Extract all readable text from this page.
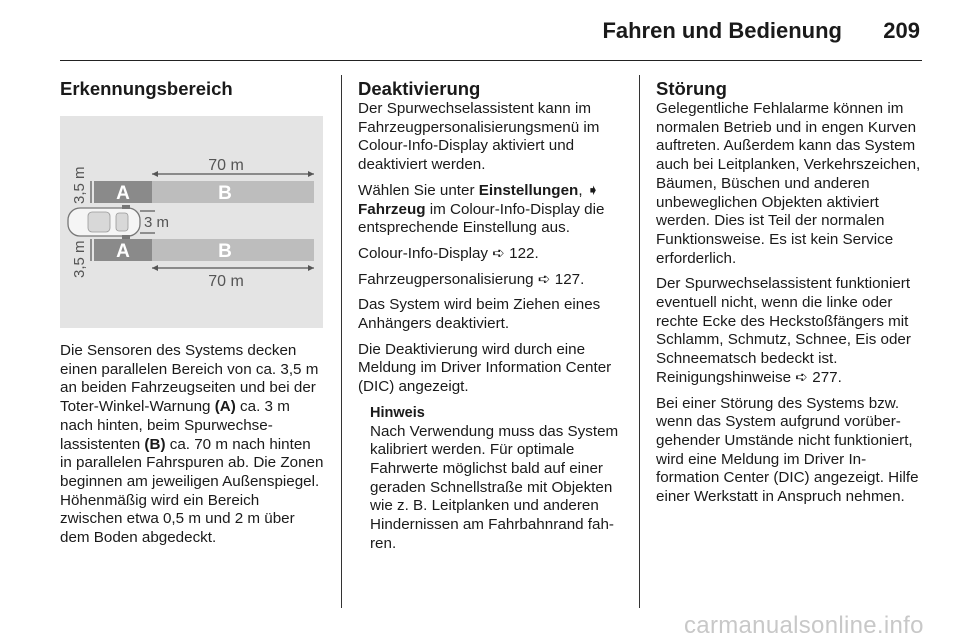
Fahren und Bedienung 209
Erkennungsbereich
A	B
A	B
70 m
70 m
3,5 m
3,5 m
3 m

Die Sensoren des Systems decken einen parallelen Bereich von ca. 3,5 m an beiden Fahrzeugseiten und bei der Toter-Winkel-Warnung (A) ca. 3 m nach hinten, beim Spurwechselassistenten (B) ca. 70 m nach hinten in parallelen Fahrspuren ab. Die Zonen beginnen am jeweiligen Außenspiegel. Höhenmäßig wird ein Bereich zwischen etwa 0,5 m und 2 m über dem Boden abgedeckt.

Deaktivierung

Der Spurwechselassistent kann im Fahrzeugpersonalisierungsmenü im Colour-Info-Display aktiviert und deaktiviert werden.

Wählen Sie unter Einstellungen, ➧ Fahrzeug im Colour-Info-Display die entsprechende Einstellung aus.

Colour-Info-Display ➪ 122.

Fahrzeugpersonalisierung ➪ 127.

Das System wird beim Ziehen eines Anhängers deaktiviert.

Die Deaktivierung wird durch eine Meldung im Driver Information Center (DIC) angezeigt.

Hinweis
Nach Verwendung muss das System kalibriert werden. Für optimale Fahrwerte möglichst bald auf einer geraden Schnellstraße mit Objekten wie z. B. Leitplanken und anderen Hindernissen am Fahrbahnrand fahren.
Störung

Gelegentliche Fehlalarme können im normalen Betrieb und in engen Kurven auftreten. Außerdem kann das System auch bei Leitplanken, Verkehrszeichen, Bäumen, Büschen und anderen unbeweglichen Objekten aktiviert werden. Dies ist Teil der normalen Funktionsweise. Es ist kein Service erforderlich.

Der Spurwechselassistent funktioniert eventuell nicht, wenn die linke oder rechte Ecke des Heckstoßfängers mit Schlamm, Schmutz, Schnee, Eis oder Schneematsch bedeckt ist. Reinigungshinweise ➪ 277.

Bei einer Störung des Systems bzw. wenn das System aufgrund vorübergehender Umstände nicht funktioniert, wird eine Meldung im Driver Information Center (DIC) angezeigt. Hilfe einer Werkstatt in Anspruch nehmen.

carmanualsonline.info
